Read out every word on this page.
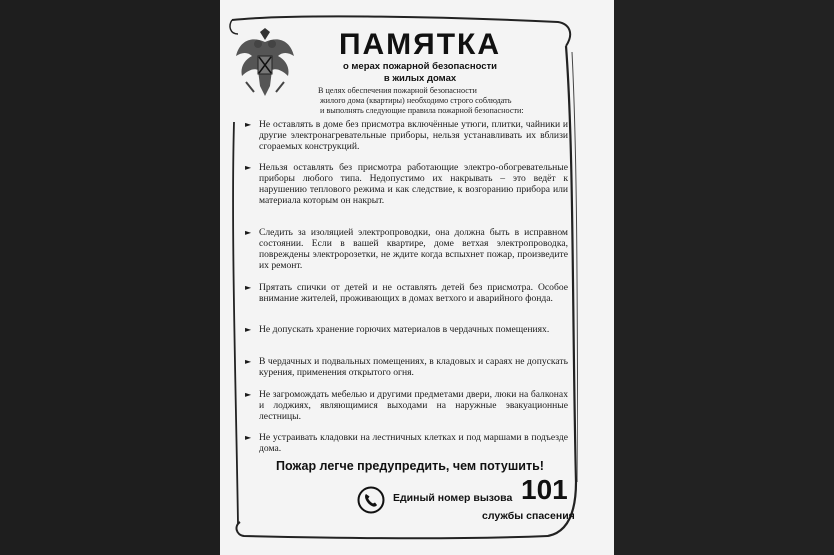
ПАМЯТКА
о мерах пожарной безопасности
в жилых домах
В целях обеспечения пожарной безопасности
жилого дома (квартиры) необходимо строго соблюдать
и выполнять следующие правила пожарной безопасности:
► Не оставлять в доме без присмотра включённые утюги, плитки, чайники и другие электронагревательные приборы, нельзя устанавливать их вблизи сгораемых конструкций.
► Нельзя оставлять без присмотра работающие электро-обогревательные приборы любого типа. Недопустимо их накрывать – это ведёт к нарушению теплового режима и как следствие, к возгоранию прибора или материала которым он накрыт.
► Следить за изоляцией электропроводки, она должна быть в исправном состоянии. Если в вашей квартире, доме ветхая электропроводка, повреждены электророзетки, не ждите когда вспыхнет пожар, произведите их ремонт.
► Прятать спички от детей и не оставлять детей без присмотра. Особое внимание жителей, проживающих в домах ветхого и аварийного фонда.
► Не допускать хранение горючих материалов в чердачных помещениях.
► В чердачных и подвальных помещениях, в кладовых и сараях не допускать курения, применения открытого огня.
► Не загромождать мебелью и другими предметами двери, люки на балконах и лоджиях, являющимися выходами на наружные эвакуационные лестницы.
► Не устраивать кладовки на лестничных клетках и под маршами в подъезде дома.
Пожар легче предупредить, чем потушить!
Единый номер вызова 101
службы спасения
